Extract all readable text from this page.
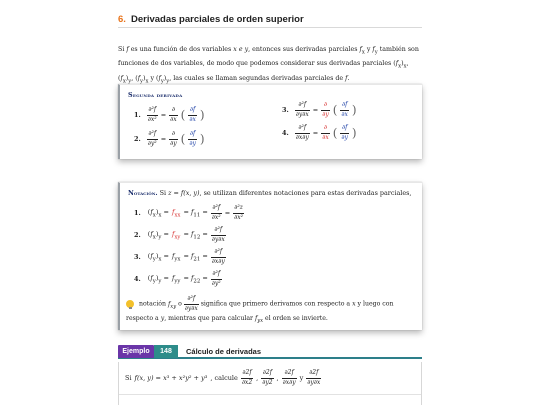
6. Derivadas parciales de orden superior
Si f es una función de dos variables x e y, entonces sus derivadas parciales $f_x$ y $f_y$ también son funciones de dos variables, de modo que podemos considerar sus derivadas parciales $(f_x)_x$, $(f_x)_y$, $(f_y)_x$ y $(f_y)_y$, las cuales se llaman segundas derivadas parciales de f.
Segunda derivada
1. $\frac{\text{∂²f}}{\text{∂x²}} = \frac{\partial}{\partial x}$ ( $\frac{\partial f}{\partial x}$ )
2. $\frac{\text{∂²f}}{\text{∂y²}} = \frac{\partial}{\partial y}$ ( $\frac{\partial f}{\partial y}$ )
3. $\frac{\text{∂²f}}{\partial y\partial x} = \frac{\partial}{\partial y}$ ( $\frac{\partial f}{\partial x}$ )
4. $\frac{\text{∂²f}}{\partial x\partial y} = \frac{\partial}{\partial x}$ ( $\frac{\partial f}{\partial y}$ )
Notación. Si z = f(x, y), se utilizan diferentes notaciones para estas derivadas parciales,
1. $(f_x)_x = f_{xx} = f_{11} = \frac{\text{∂²f}}{\text{∂x²}} = \frac{\text{∂²z}}{\text{∂x²}}$
2. $(f_x)_y = f_{xy} = f_{12} = \frac{\text{∂²f}}{\partial y\partial x}$
3. $(f_y)_x = f_{yx} = f_{21} = \frac{\text{∂²f}}{\partial x\partial y}$
4. $(f_y)_y = f_{yy} = f_{22} = \frac{\text{∂²f}}{\text{∂y²}}$
notación $f_{xy}$ o $\frac{\text{∂²f}}{\partial y\partial x}$ significa que primero derivamos con respecto a x y luego con respecto a y, mientras que para calcular $f_{yx}$ el orden se invierte.
Ejemplo	148	Cálculo de derivadas
Si f(x, y) = x³ + x²y² + y³ , calcule $\frac{\partial 2f}{\partial x2}$ , $\frac{\partial 2f}{\partial y2}$ , $\frac{\partial 2f}{\partial x\partial y}$ y $\frac{\partial 2f}{\partial y\partial x}$
